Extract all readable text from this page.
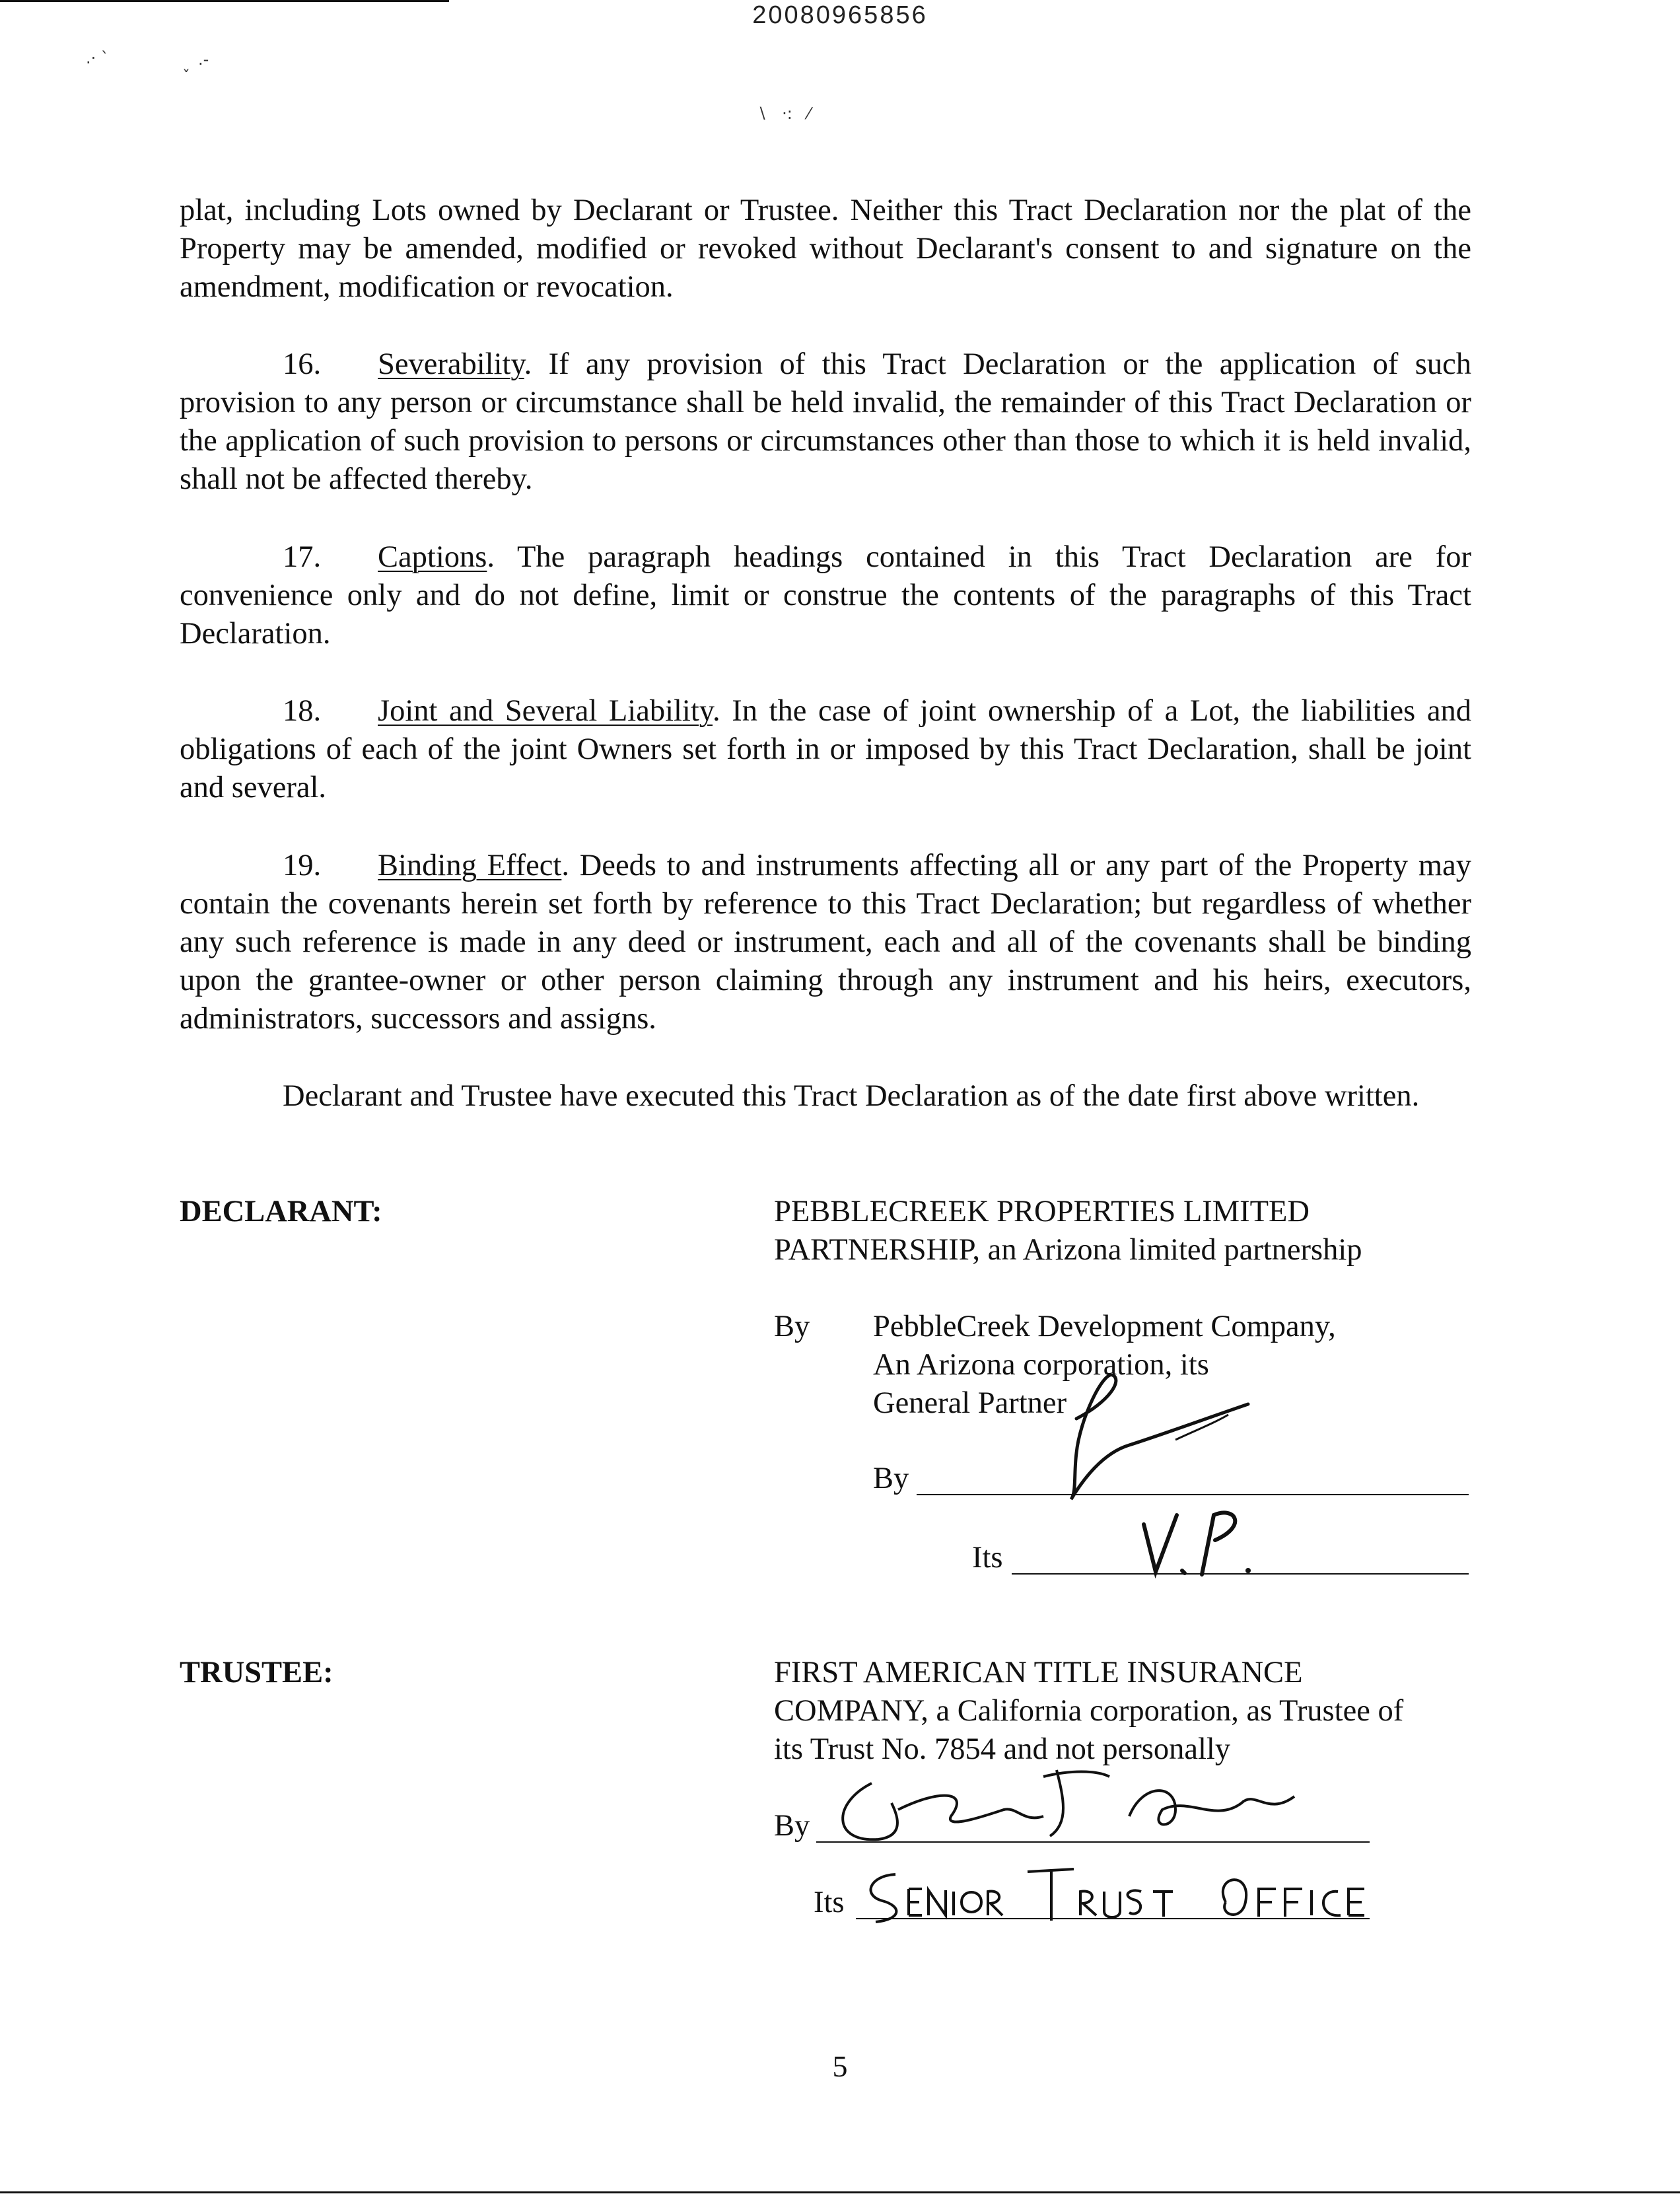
20080965856
.· `	.-
ˇ
∖   ·:   ⁄

plat, including Lots owned by Declarant or Trustee. Neither this Tract Declaration nor the plat of the Property may be amended, modified or revoked without Declarant's consent to and signature on the amendment, modification or revocation.

16. Severability. If any provision of this Tract Declaration or the application of such provision to any person or circumstance shall be held invalid, the remainder of this Tract Declaration or the application of such provision to persons or circumstances other than those to which it is held invalid, shall not be affected thereby.

17. Captions. The paragraph headings contained in this Tract Declaration are for convenience only and do not define, limit or construe the contents of the paragraphs of this Tract Declaration.

18. Joint and Several Liability. In the case of joint ownership of a Lot, the liabilities and obligations of each of the joint Owners set forth in or imposed by this Tract Declaration, shall be joint and several.

19. Binding Effect. Deeds to and instruments affecting all or any part of the Property may contain the covenants herein set forth by reference to this Tract Declaration; but regardless of whether any such reference is made in any deed or instrument, each and all of the covenants shall be binding upon the grantee-owner or other person claiming through any instrument and his heirs, executors, administrators, successors and assigns.

Declarant and Trustee have executed this Tract Declaration as of the date first above written.

DECLARANT:	PEBBLECREEK PROPERTIES LIMITED
PARTNERSHIP, an Arizona limited partnership
By PebbleCreek Development Company,
An Arizona corporation, its
General Partner
By
Its
TRUSTEE:	FIRST AMERICAN TITLE INSURANCE
COMPANY, a California corporation, as Trustee of
its Trust No. 7854 and not personally
By
Its
5
